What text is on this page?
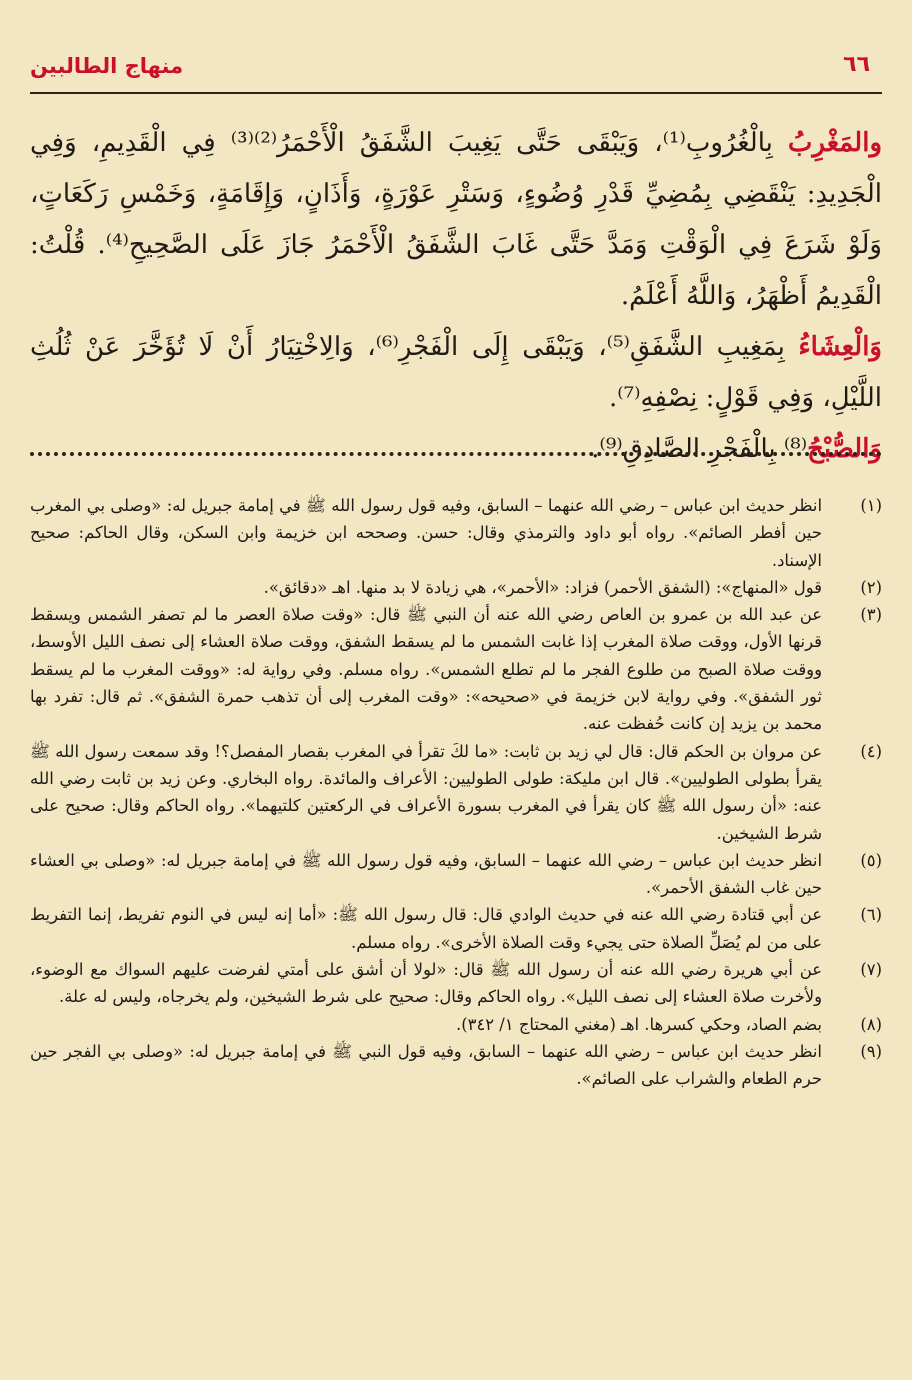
٦٦
منهاج الطالبين

والمَغْرِبُ بِالْغُرُوبِ⁽¹⁾، وَيَبْقَى حَتَّى يَغِيبَ الشَّفَقُ الْأَحْمَرُ⁽²⁾⁽³⁾ فِي الْقَدِيمِ، وَفِي الْجَدِيدِ: يَنْقَضِي بِمُضِيِّ قَدْرِ وُضُوءٍ، وَسَتْرِ عَوْرَةٍ، وَأَذَانٍ، وَإِقَامَةٍ، وَخَمْسِ رَكَعَاتٍ، وَلَوْ شَرَعَ فِي الْوَقْتِ وَمَدَّ حَتَّى غَابَ الشَّفَقُ الْأَحْمَرُ جَازَ عَلَى الصَّحِيحِ⁽⁴⁾. قُلْتُ: الْقَدِيمُ أَظْهَرُ، وَاللَّهُ أَعْلَمُ.

وَالْعِشَاءُ بِمَغِيبِ الشَّفَقِ⁽⁵⁾، وَيَبْقَى إِلَى الْفَجْرِ⁽⁶⁾، وَالِاخْتِيَارُ أَنْ لَا تُؤَخَّرَ عَنْ ثُلُثِ اللَّيْلِ، وَفِي قَوْلٍ: نِصْفِهِ⁽⁷⁾.

وَالصُّبْحُ⁽⁸⁾ بِالْفَجْرِ الصَّادِقِ⁽⁹⁾.

(١)

انظر حديث ابن عباس – رضي الله عنهما – السابق، وفيه قول رسول الله ﷺ في إمامة جبريل له: «وصلى بي المغرب حين أفطر الصائم». رواه أبو داود والترمذي وقال: حسن. وصححه ابن خزيمة وابن السكن، وقال الحاكم: صحيح الإسناد.

(٢)

قول «المنهاج»: (الشفق الأحمر) فزاد: «الأحمر»، هي زيادة لا بد منها. اهـ «دقائق».

(٣)

عن عبد الله بن عمرو بن العاص رضي الله عنه أن النبي ﷺ قال: «وقت صلاة العصر ما لم تصفر الشمس ويسقط قرنها الأول، ووقت صلاة المغرب إذا غابت الشمس ما لم يسقط الشفق، ووقت صلاة العشاء إلى نصف الليل الأوسط، ووقت صلاة الصبح من طلوع الفجر ما لم تطلع الشمس». رواه مسلم. وفي رواية له: «ووقت المغرب ما لم يسقط ثور الشفق». وفي رواية لابن خزيمة في «صحيحه»: «وقت المغرب إلى أن تذهب حمرة الشفق». ثم قال: تفرد بها محمد بن يزيد إن كانت حُفظت عنه.

(٤)

عن مروان بن الحكم قال: قال لي زيد بن ثابت: «ما لكَ تقرأ في المغرب بقصار المفصل؟! وقد سمعت رسول الله ﷺ يقرأ بطولى الطوليين». قال ابن مليكة: طولى الطوليين: الأعراف والمائدة. رواه البخاري. وعن زيد بن ثابت رضي الله عنه: «أن رسول الله ﷺ كان يقرأ في المغرب بسورة الأعراف في الركعتين كلتيهما». رواه الحاكم وقال: صحيح على شرط الشيخين.

(٥)

انظر حديث ابن عباس – رضي الله عنهما – السابق، وفيه قول رسول الله ﷺ في إمامة جبريل له: «وصلى بي العشاء حين غاب الشفق الأحمر».

(٦)

عن أبي قتادة رضي الله عنه في حديث الوادي قال: قال رسول الله ﷺ: «أما إنه ليس في النوم تفريط، إنما التفريط على من لم يُصَلِّ الصلاة حتى يجيء وقت الصلاة الأخرى». رواه مسلم.

(٧)

عن أبي هريرة رضي الله عنه أن رسول الله ﷺ قال: «لولا أن أشق على أمتي لفرضت عليهم السواك مع الوضوء، ولأخرت صلاة العشاء إلى نصف الليل». رواه الحاكم وقال: صحيح على شرط الشيخين، ولم يخرجاه، وليس له علة.

(٨)

بضم الصاد، وحكي كسرها. اهـ (مغني المحتاج ١/ ٣٤٢).

(٩)

انظر حديث ابن عباس – رضي الله عنهما – السابق، وفيه قول النبي ﷺ في إمامة جبريل له: «وصلى بي الفجر حين حرم الطعام والشراب على الصائم».
